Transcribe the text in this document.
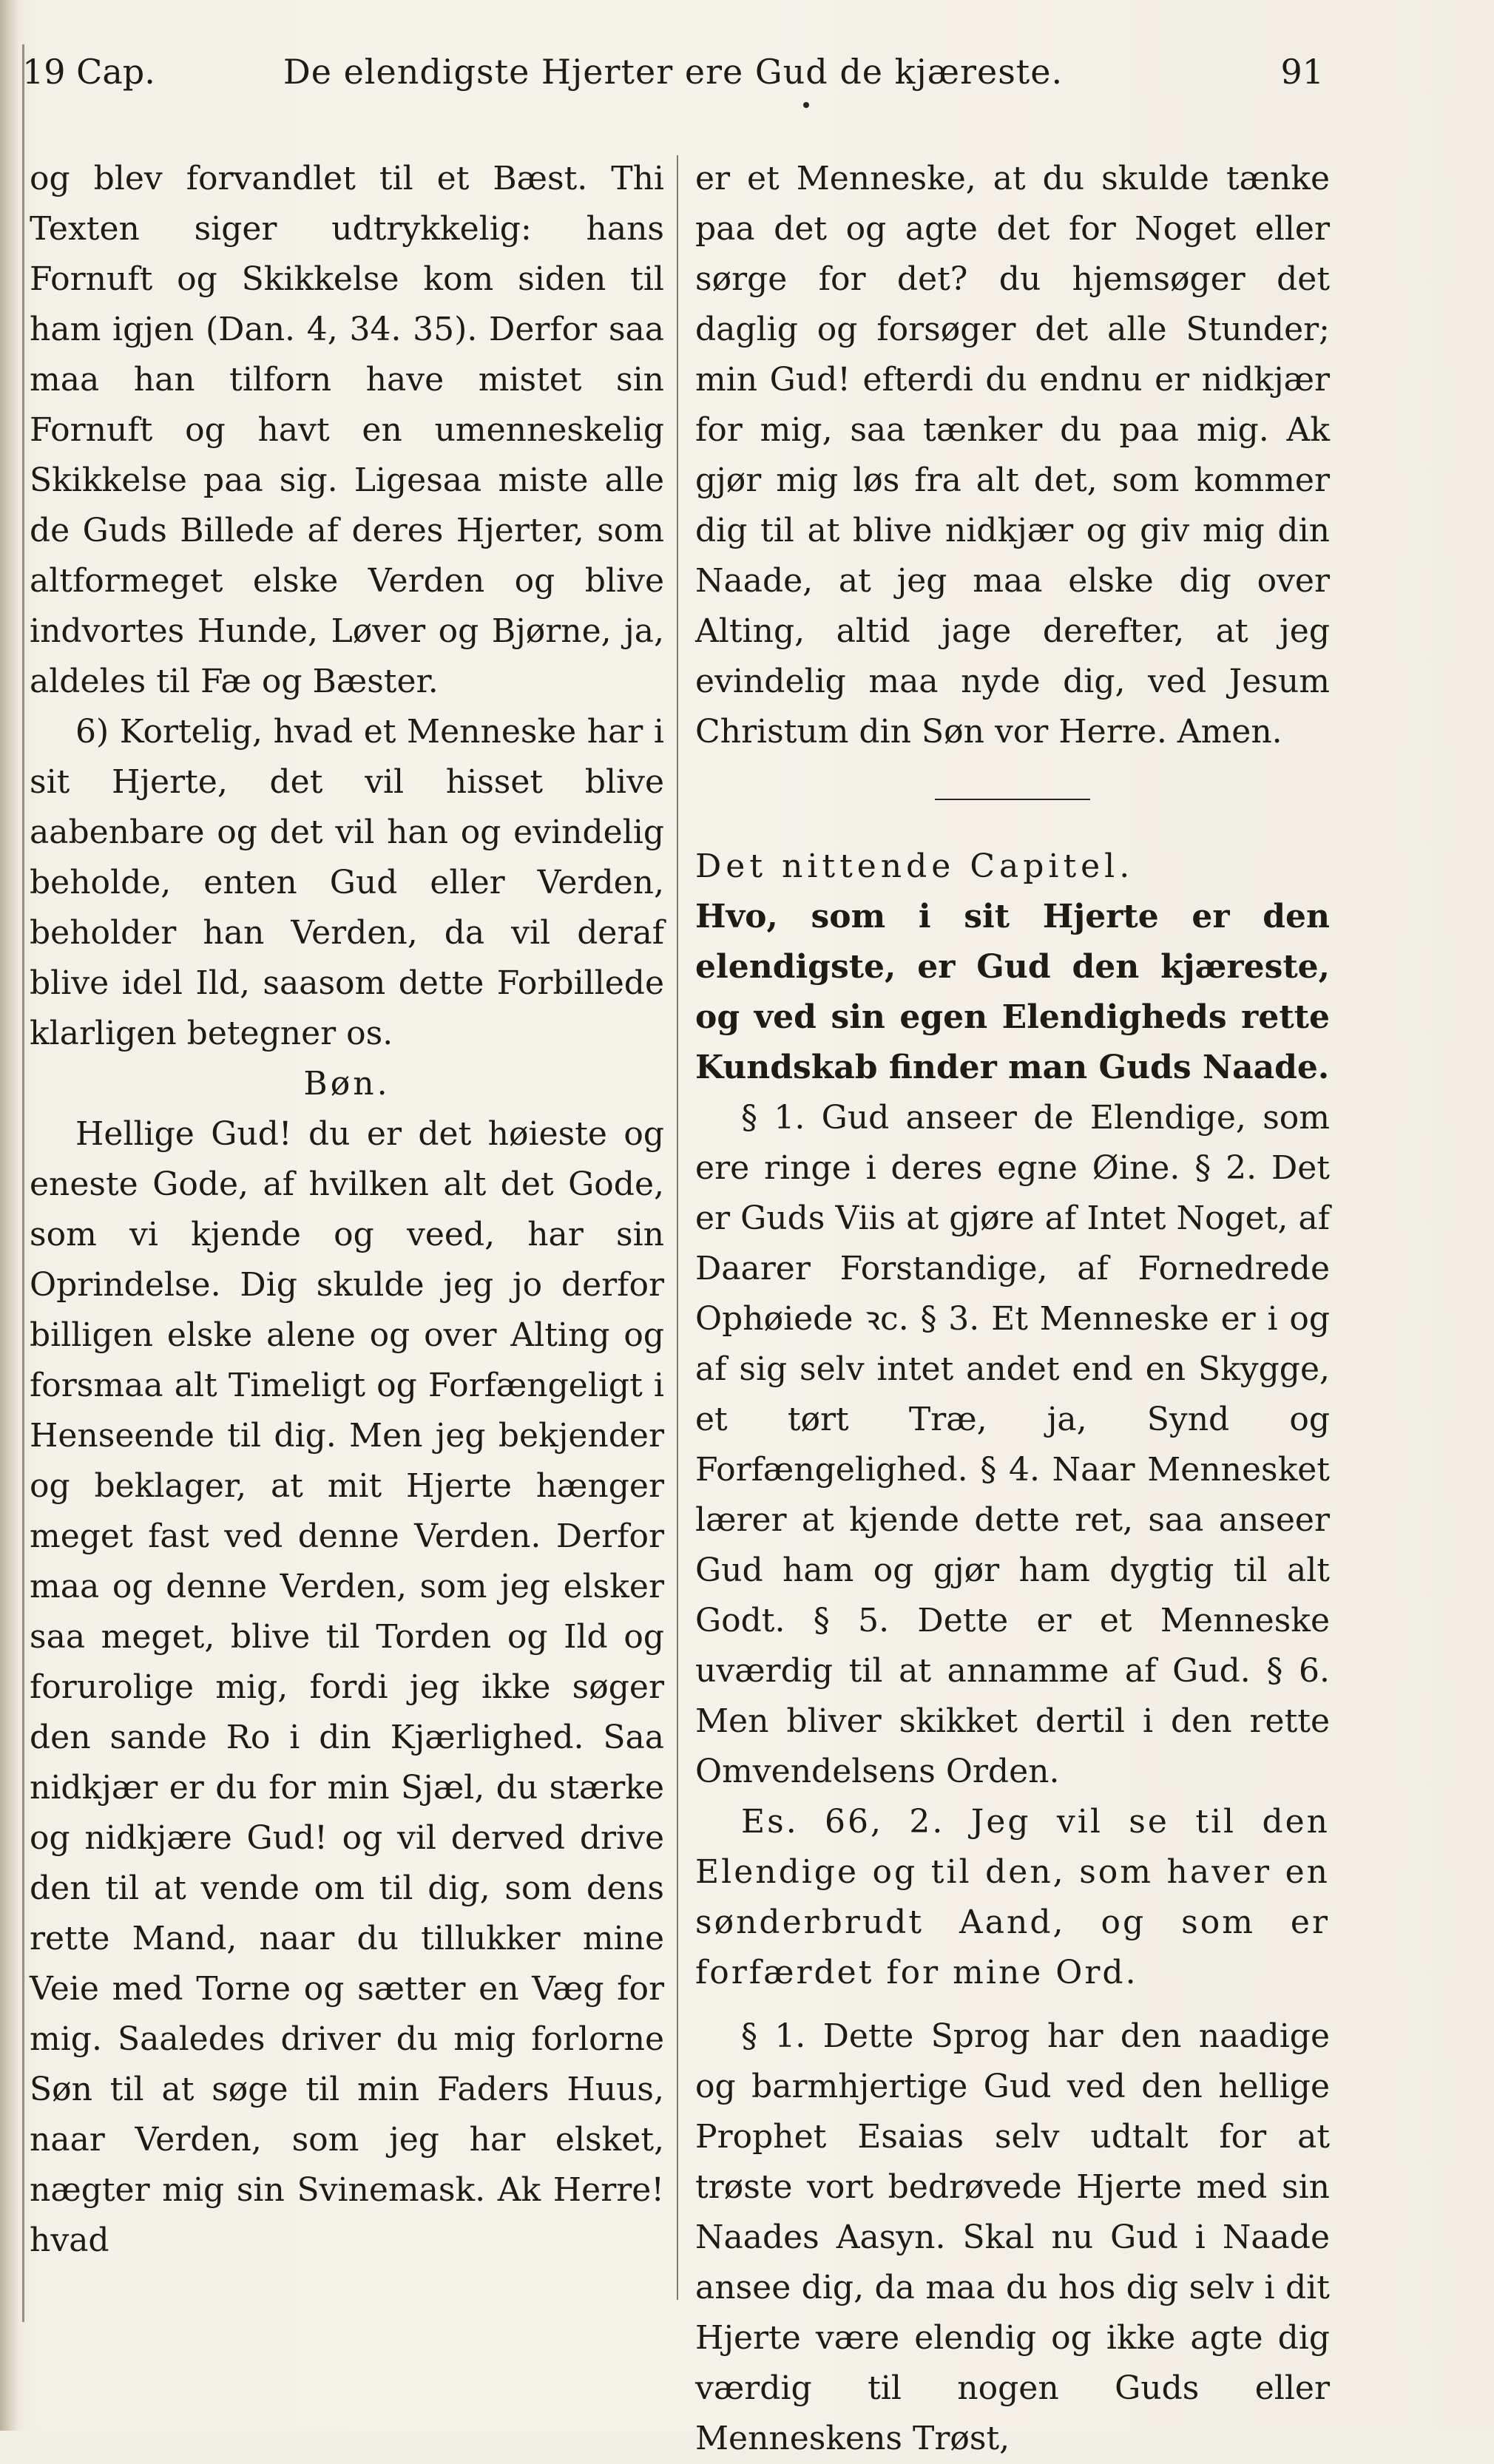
19 Cap.	De elendigste Hjerter ere Gud de kjæreste.	91

og blev forvandlet til et Bæst. Thi Texten siger udtrykkelig: hans Fornuft og Skikkelse kom siden til ham igjen (Dan. 4, 34. 35). Derfor saa maa han tilforn have mistet sin Fornuft og havt en umenneskelig Skikkelse paa sig. Ligesaa miste alle de Guds Billede af deres Hjerter, som altformeget elske Verden og blive indvortes Hunde, Løver og Bjørne, ja, aldeles til Fæ og Bæster.

6) Kortelig, hvad et Menneske har i sit Hjerte, det vil hisset blive aabenbare og det vil han og evindelig beholde, enten Gud eller Verden, beholder han Verden, da vil deraf blive idel Ild, saasom dette Forbillede klarligen betegner os.

Bøn.

Hellige Gud! du er det høieste og eneste Gode, af hvilken alt det Gode, som vi kjende og veed, har sin Oprindelse. Dig skulde jeg jo derfor billigen elske alene og over Alting og forsmaa alt Timeligt og Forfængeligt i Henseende til dig. Men jeg bekjender og beklager, at mit Hjerte hænger meget fast ved denne Verden. Derfor maa og denne Verden, som jeg elsker saa meget, blive til Torden og Ild og forurolige mig, fordi jeg ikke søger den sande Ro i din Kjærlighed. Saa nidkjær er du for min Sjæl, du stærke og nidkjære Gud! og vil derved drive den til at vende om til dig, som dens rette Mand, naar du tillukker mine Veie med Torne og sætter en Væg for mig. Saaledes driver du mig forlorne Søn til at søge til min Faders Huus, naar Verden, som jeg har elsket, nægter mig sin Svinemask. Ak Herre! hvad

er et Menneske, at du skulde tænke paa det og agte det for Noget eller sørge for det? du hjemsøger det daglig og forsøger det alle Stunder; min Gud! efterdi du endnu er nidkjær for mig, saa tænker du paa mig. Ak gjør mig løs fra alt det, som kommer dig til at blive nidkjær og giv mig din Naade, at jeg maa elske dig over Alting, altid jage derefter, at jeg evindelig maa nyde dig, ved Jesum Christum din Søn vor Herre. Amen.

Det nittende Capitel.

Hvo, som i sit Hjerte er den elendigste, er Gud den kjæreste, og ved sin egen Elendigheds rette Kundskab finder man Guds Naade.

§ 1. Gud anseer de Elendige, som ere ringe i deres egne Øine. § 2. Det er Guds Viis at gjøre af Intet Noget, af Daarer Forstandige, af Fornedrede Ophøiede ꝛc. § 3. Et Menneske er i og af sig selv intet andet end en Skygge, et tørt Træ, ja, Synd og Forfængelighed. § 4. Naar Mennesket lærer at kjende dette ret, saa anseer Gud ham og gjør ham dygtig til alt Godt. § 5. Dette er et Menneske uværdig til at annamme af Gud. § 6. Men bliver skikket dertil i den rette Omvendelsens Orden.

Es. 66, 2. Jeg vil se til den Elendige og til den, som haver en sønderbrudt Aand, og som er forfærdet for mine Ord.

§ 1. Dette Sprog har den naadige og barmhjertige Gud ved den hellige Prophet Esaias selv udtalt for at trøste vort bedrøvede Hjerte med sin Naades Aasyn. Skal nu Gud i Naade ansee dig, da maa du hos dig selv i dit Hjerte være elendig og ikke agte dig værdig til nogen Guds eller Menneskens Trøst,
